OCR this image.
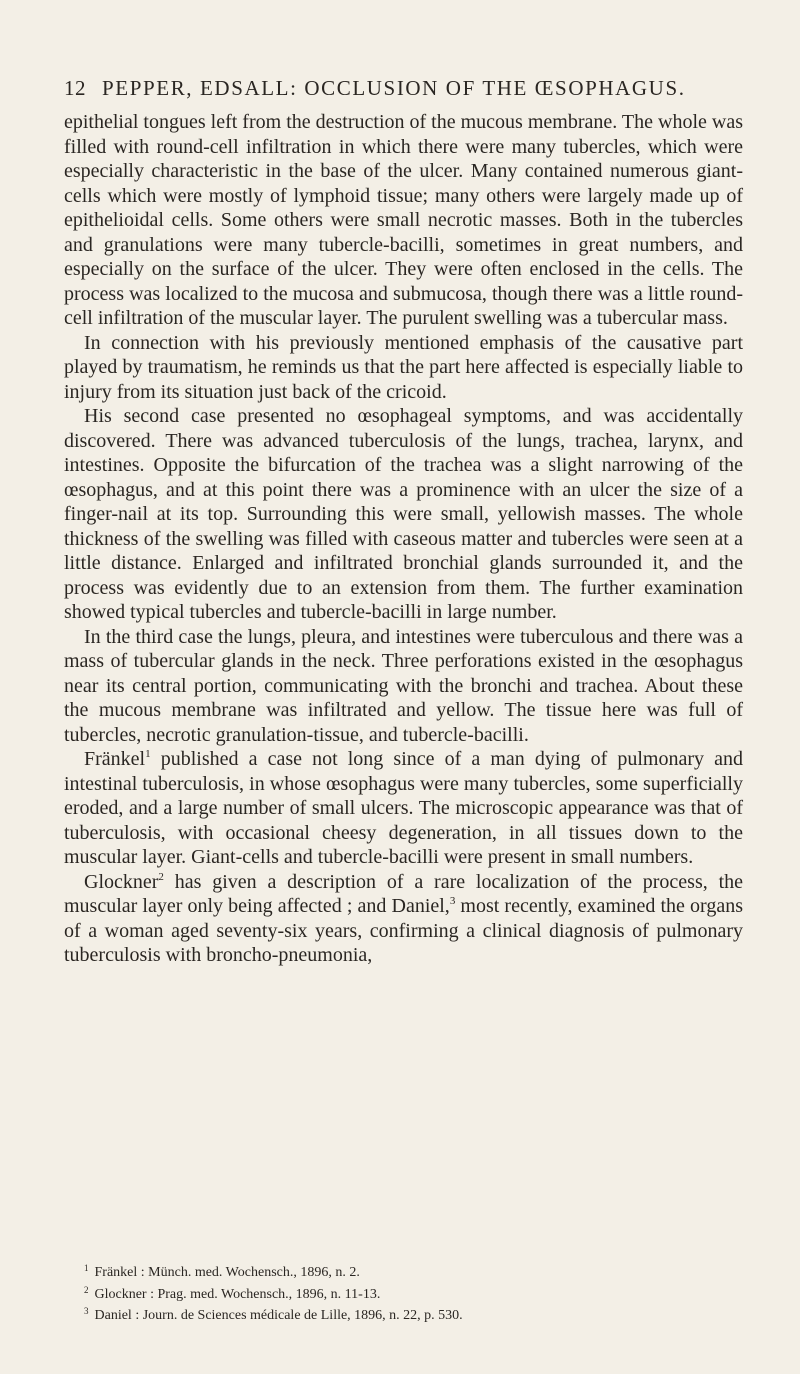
12 PEPPER, EDSALL: OCCLUSION OF THE ŒSOPHAGUS.

epithelial tongues left from the destruction of the mucous membrane. The whole was filled with round-cell infiltration in which there were many tubercles, which were especially characteristic in the base of the ulcer. Many contained numerous giant-cells which were mostly of lymphoid tissue; many others were largely made up of epithelioidal cells. Some others were small necrotic masses. Both in the tubercles and granulations were many tubercle-bacilli, sometimes in great numbers, and especially on the surface of the ulcer. They were often enclosed in the cells. The process was localized to the mucosa and submucosa, though there was a little round-cell infiltration of the muscular layer. The purulent swelling was a tubercular mass.

 In connection with his previously mentioned emphasis of the causative part played by traumatism, he reminds us that the part here affected is especially liable to injury from its situation just back of the cricoid.

 His second case presented no œsophageal symptoms, and was accidentally discovered. There was advanced tuberculosis of the lungs, trachea, larynx, and intestines. Opposite the bifurcation of the trachea was a slight narrowing of the œsophagus, and at this point there was a prominence with an ulcer the size of a finger-nail at its top. Surrounding this were small, yellowish masses. The whole thickness of the swelling was filled with caseous matter and tubercles were seen at a little distance. Enlarged and infiltrated bronchial glands surrounded it, and the process was evidently due to an extension from them. The further examination showed typical tubercles and tubercle-bacilli in large number.

 In the third case the lungs, pleura, and intestines were tuberculous and there was a mass of tubercular glands in the neck. Three perforations existed in the œsophagus near its central portion, communicating with the bronchi and trachea. About these the mucous membrane was infiltrated and yellow. The tissue here was full of tubercles, necrotic granulation-tissue, and tubercle-bacilli.

 Fränkel$^1$ published a case not long since of a man dying of pulmonary and intestinal tuberculosis, in whose œsophagus were many tubercles, some superficially eroded, and a large number of small ulcers. The microscopic appearance was that of tuberculosis, with occasional cheesy degeneration, in all tissues down to the muscular layer. Giant-cells and tubercle-bacilli were present in small numbers.

 Glockner$^2$ has given a description of a rare localization of the process, the muscular layer only being affected ; and Daniel,$^3$ most recently, examined the organs of a woman aged seventy-six years, confirming a clinical diagnosis of pulmonary tuberculosis with broncho-pneumonia,

$^1$ Fränkel : Münch. med. Wochensch., 1896, n. 2.

$^2$ Glockner : Prag. med. Wochensch., 1896, n. 11-13.

$^3$ Daniel : Journ. de Sciences médicale de Lille, 1896, n. 22, p. 530.
